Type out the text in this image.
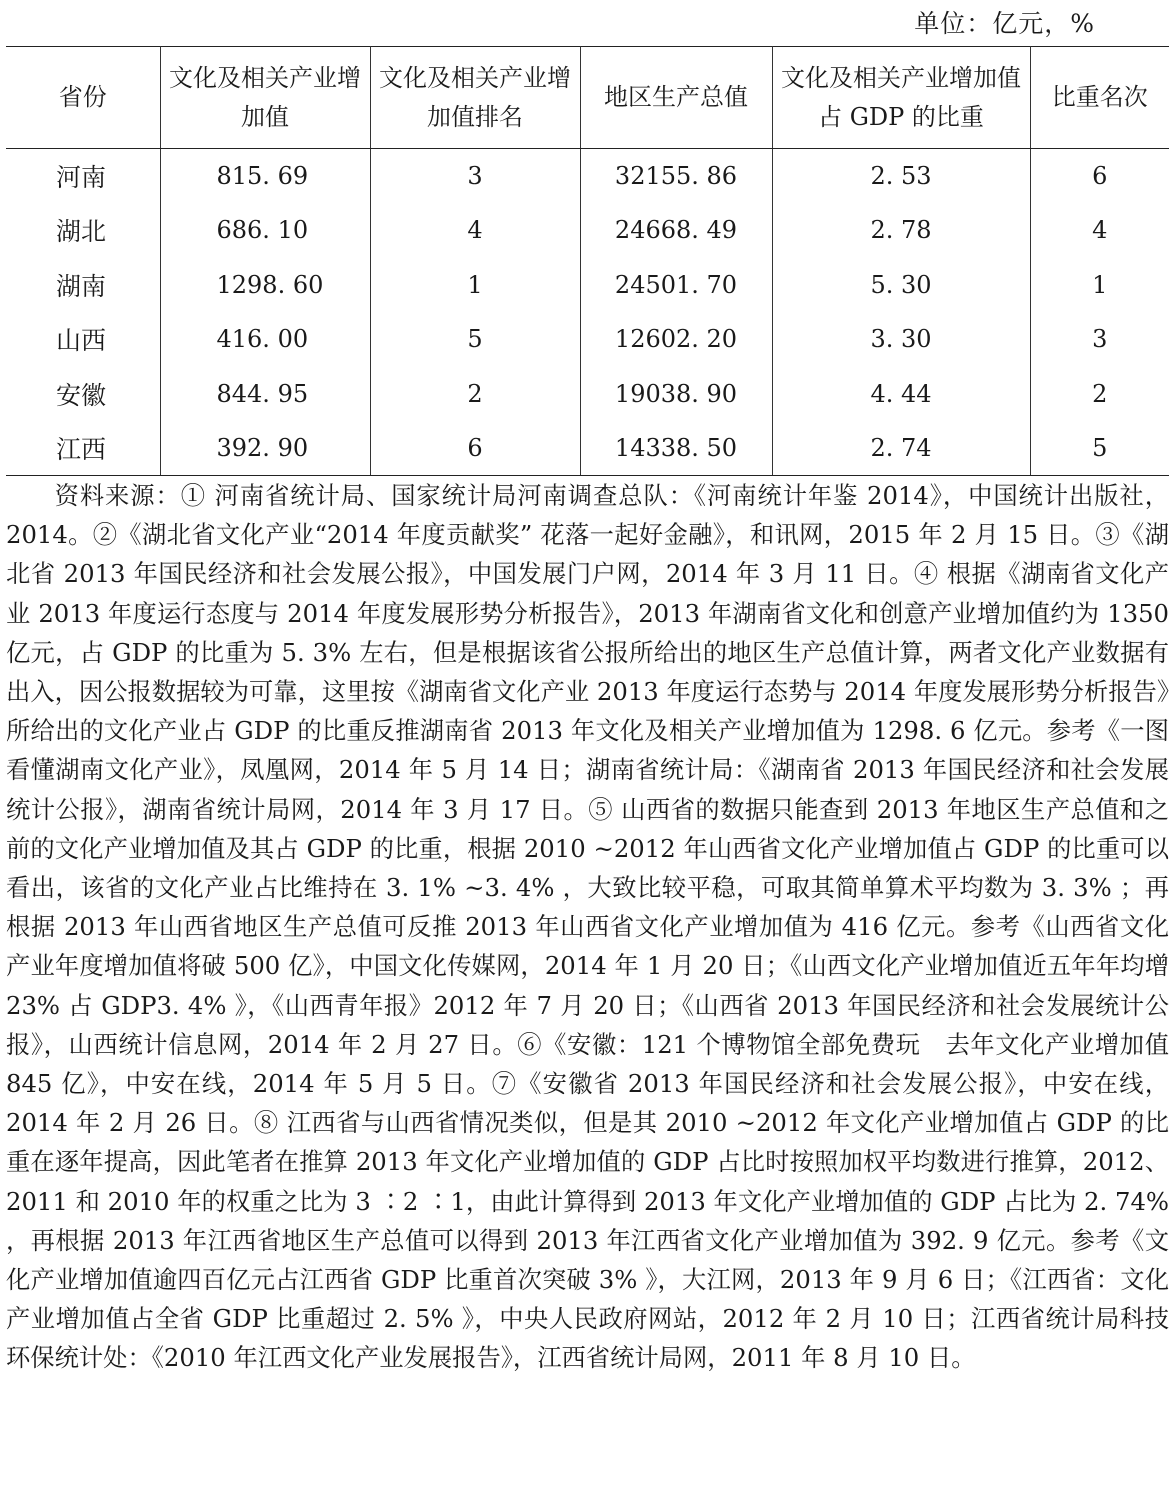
单位：亿元，%
省份	文化及相关产业增加值	文化及相关产业增加值排名	地区生产总值	文化及相关产业增加值占 GDP 的比重	比重名次
河南	815. 69	3	32155. 86	2. 53	6
湖北	686. 10	4	24668. 49	2. 78	4
湖南	1298. 60	1	24501. 70	5. 30	1
山西	416. 00	5	12602. 20	3. 30	3
安徽	844. 95	2	19038. 90	4. 44	2
江西	392. 90	6	14338. 50	2. 74	5

资料来源：① 河南省统计局、国家统计局河南调查总队：《河南统计年鉴 2014》，中国统计出版社，2014。②《湖北省文化产业“2014 年度贡献奖” 花落一起好金融》，和讯网，2015 年 2 月 15 日。③《湖北省 2013 年国民经济和社会发展公报》，中国发展门户网，2014 年 3 月 11 日。④ 根据《湖南省文化产业 2013 年度运行态度与 2014 年度发展形势分析报告》，2013 年湖南省文化和创意产业增加值约为 1350 亿元，占 GDP 的比重为 5. 3% 左右，但是根据该省公报所给出的地区生产总值计算，两者文化产业数据有出入，因公报数据较为可靠，这里按《湖南省文化产业 2013 年度运行态势与 2014 年度发展形势分析报告》所给出的文化产业占 GDP 的比重反推湖南省 2013 年文化及相关产业增加值为 1298. 6 亿元。参考《一图看懂湖南文化产业》，凤凰网，2014 年 5 月 14 日；湖南省统计局：《湖南省 2013 年国民经济和社会发展统计公报》，湖南省统计局网，2014 年 3 月 17 日。⑤ 山西省的数据只能查到 2013 年地区生产总值和之前的文化产业增加值及其占 GDP 的比重，根据 2010 ~2012 年山西省文化产业增加值占 GDP 的比重可以看出，该省的文化产业占比维持在 3. 1% ~3. 4% ，大致比较平稳，可取其简单算术平均数为 3. 3% ；再根据 2013 年山西省地区生产总值可反推 2013 年山西省文化产业增加值为 416 亿元。参考《山西省文化产业年度增加值将破 500 亿》，中国文化传媒网，2014 年 1 月 20 日；《山西文化产业增加值近五年年均增 23% 占 GDP3. 4% 》，《山西青年报》2012 年 7 月 20 日；《山西省 2013 年国民经济和社会发展统计公报》，山西统计信息网，2014 年 2 月 27 日。⑥《安徽：121 个博物馆全部免费玩　去年文化产业增加值 845 亿》，中安在线，2014 年 5 月 5 日。⑦《安徽省 2013 年国民经济和社会发展公报》，中安在线，2014 年 2 月 26 日。⑧ 江西省与山西省情况类似，但是其 2010 ~2012 年文化产业增加值占 GDP 的比重在逐年提高，因此笔者在推算 2013 年文化产业增加值的 GDP 占比时按照加权平均数进行推算，2012、2011 和 2010 年的权重之比为 3 ∶2 ∶1，由此计算得到 2013 年文化产业增加值的 GDP 占比为 2. 74% ，再根据 2013 年江西省地区生产总值可以得到 2013 年江西省文化产业增加值为 392. 9 亿元。参考《文化产业增加值逾四百亿元占江西省 GDP 比重首次突破 3% 》，大江网，2013 年 9 月 6 日；《江西省：文化产业增加值占全省 GDP 比重超过 2. 5% 》，中央人民政府网站，2012 年 2 月 10 日；江西省统计局科技环保统计处：《2010 年江西文化产业发展报告》，江西省统计局网，2011 年 8 月 10 日。
